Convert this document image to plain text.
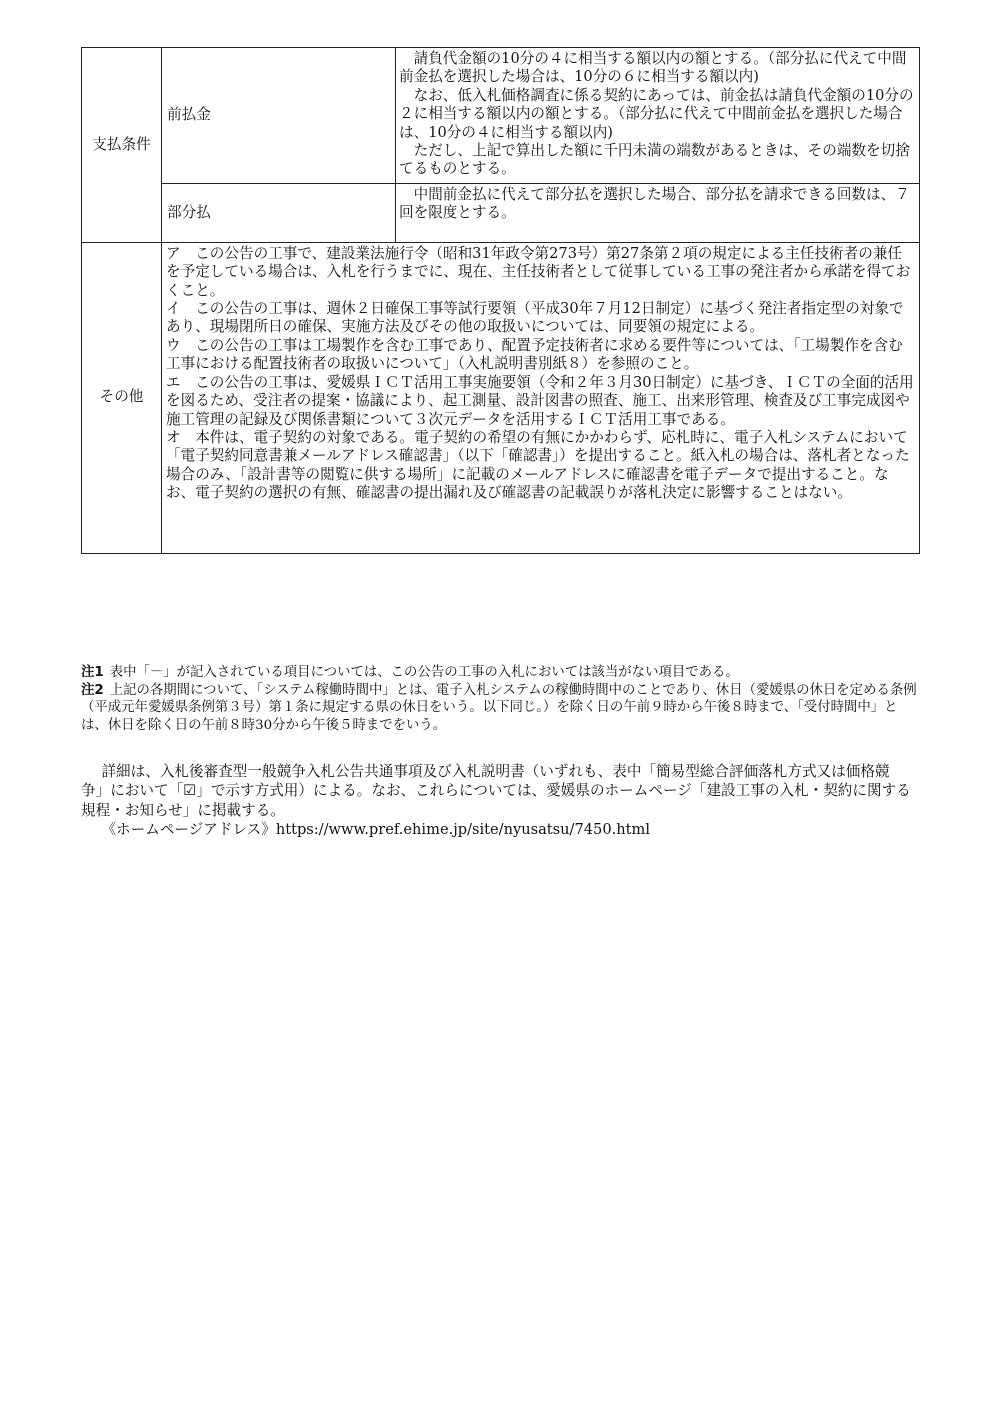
支払条件	前払金	請負代金額の10分の４に相当する額以内の額とする。（部分払に代えて中間前金払を選択した場合は、10分の６に相当する額以内)

なお、低入札価格調査に係る契約にあっては、前金払は請負代金額の10分の２に相当する額以内の額とする。（部分払に代えて中間前金払を選択した場合は、10分の４に相当する額以内)

ただし、上記で算出した額に千円未満の端数があるときは、その端数を切捨てるものとする。

	部分払	中間前金払に代えて部分払を選択した場合、部分払を請求できる回数は、７回を限度とする。

その他	ア　この公告の工事で、建設業法施行令（昭和31年政令第273号）第27条第２項の規定による主任技術者の兼任を予定している場合は、入札を行うまでに、現在、主任技術者として従事している工事の発注者から承諾を得ておくこと。

イ　この公告の工事は、週休２日確保工事等試行要領（平成30年７月12日制定）に基づく発注者指定型の対象であり、現場閉所日の確保、実施方法及びその他の取扱いについては、同要領の規定による。

ウ　この公告の工事は工場製作を含む工事であり、配置予定技術者に求める要件等については、「工場製作を含む工事における配置技術者の取扱いについて」（入札説明書別紙８）を参照のこと。

エ　この公告の工事は、愛媛県ＩＣＴ活用工事実施要領（令和２年３月30日制定）に基づき、ＩＣＴの全面的活用を図るため、受注者の提案・協議により、起工測量、設計図書の照査、施工、出来形管理、検査及び工事完成図や施工管理の記録及び関係書類について３次元データを活用するＩＣＴ活用工事である。

オ　本件は、電子契約の対象である。電子契約の希望の有無にかかわらず、応札時に、電子入札システムにおいて「電子契約同意書兼メールアドレス確認書」（以下「確認書」）を提出すること。紙入札の場合は、落札者となった場合のみ、「設計書等の閲覧に供する場所」に記載のメールアドレスに確認書を電子データで提出すること。なお、電子契約の選択の有無、確認書の提出漏れ及び確認書の記載誤りが落札決定に影響することはない。	

注1 表中「－」が記入されている項目については、この公告の工事の入札においては該当がない項目である。

注2 上記の各期間について、「システム稼働時間中」とは、電子入札システムの稼働時間中のことであり、休日（愛媛県の休日を定める条例（平成元年愛媛県条例第３号）第１条に規定する県の休日をいう。以下同じ。）を除く日の午前９時から午後８時まで、「受付時間中」とは、休日を除く日の午前８時30分から午後５時までをいう。

詳細は、入札後審査型一般競争入札公告共通事項及び入札説明書（いずれも、表中「簡易型総合評価落札方式又は価格競争」において「☑」で示す方式用）による。なお、これらについては、愛媛県のホームページ「建設工事の入札・契約に関する規程・お知らせ」に掲載する。

《ホームページアドレス》https://www.pref.ehime.jp/site/nyusatsu/7450.html
